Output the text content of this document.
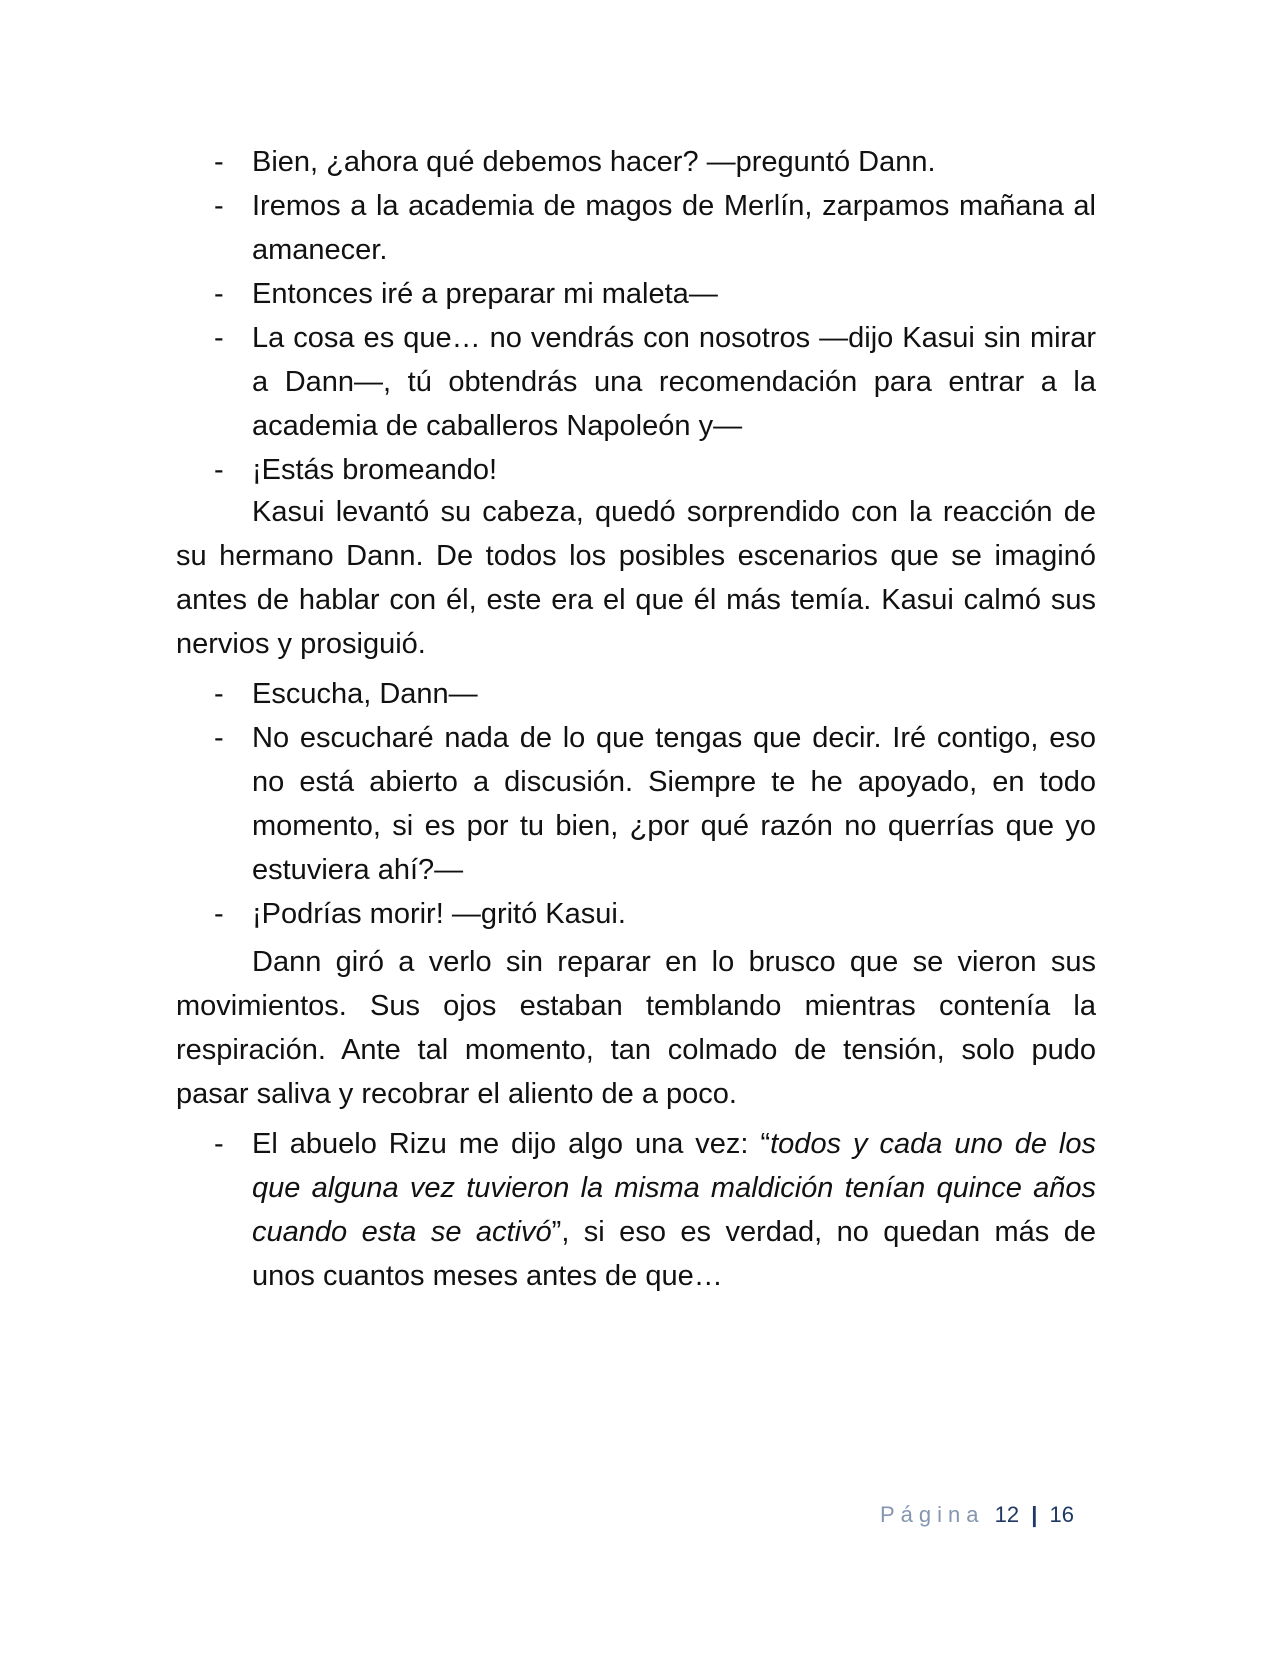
- Bien, ¿ahora qué debemos hacer? —preguntó Dann.
- Iremos a la academia de magos de Merlín, zarpamos mañana al amanecer.
- Entonces iré a preparar mi maleta—
- La cosa es que… no vendrás con nosotros —dijo Kasui sin mirar a Dann—, tú obtendrás una recomendación para entrar a la academia de caballeros Napoleón y—
- ¡Estás bromeando!

Kasui levantó su cabeza, quedó sorprendido con la reacción de su hermano Dann. De todos los posibles escenarios que se imaginó antes de hablar con él, este era el que él más temía. Kasui calmó sus nervios y prosiguió.

- Escucha, Dann—
- No escucharé nada de lo que tengas que decir. Iré contigo, eso no está abierto a discusión. Siempre te he apoyado, en todo momento, si es por tu bien, ¿por qué razón no querrías que yo estuviera ahí?—
- ¡Podrías morir! —gritó Kasui.

Dann giró a verlo sin reparar en lo brusco que se vieron sus movimientos. Sus ojos estaban temblando mientras contenía la respiración. Ante tal momento, tan colmado de tensión, solo pudo pasar saliva y recobrar el aliento de a poco.

- El abuelo Rizu me dijo algo una vez: “todos y cada uno de los que alguna vez tuvieron la misma maldición tenían quince años cuando esta se activó”, si eso es verdad, no quedan más de unos cuantos meses antes de que…
Página 12 | 16
